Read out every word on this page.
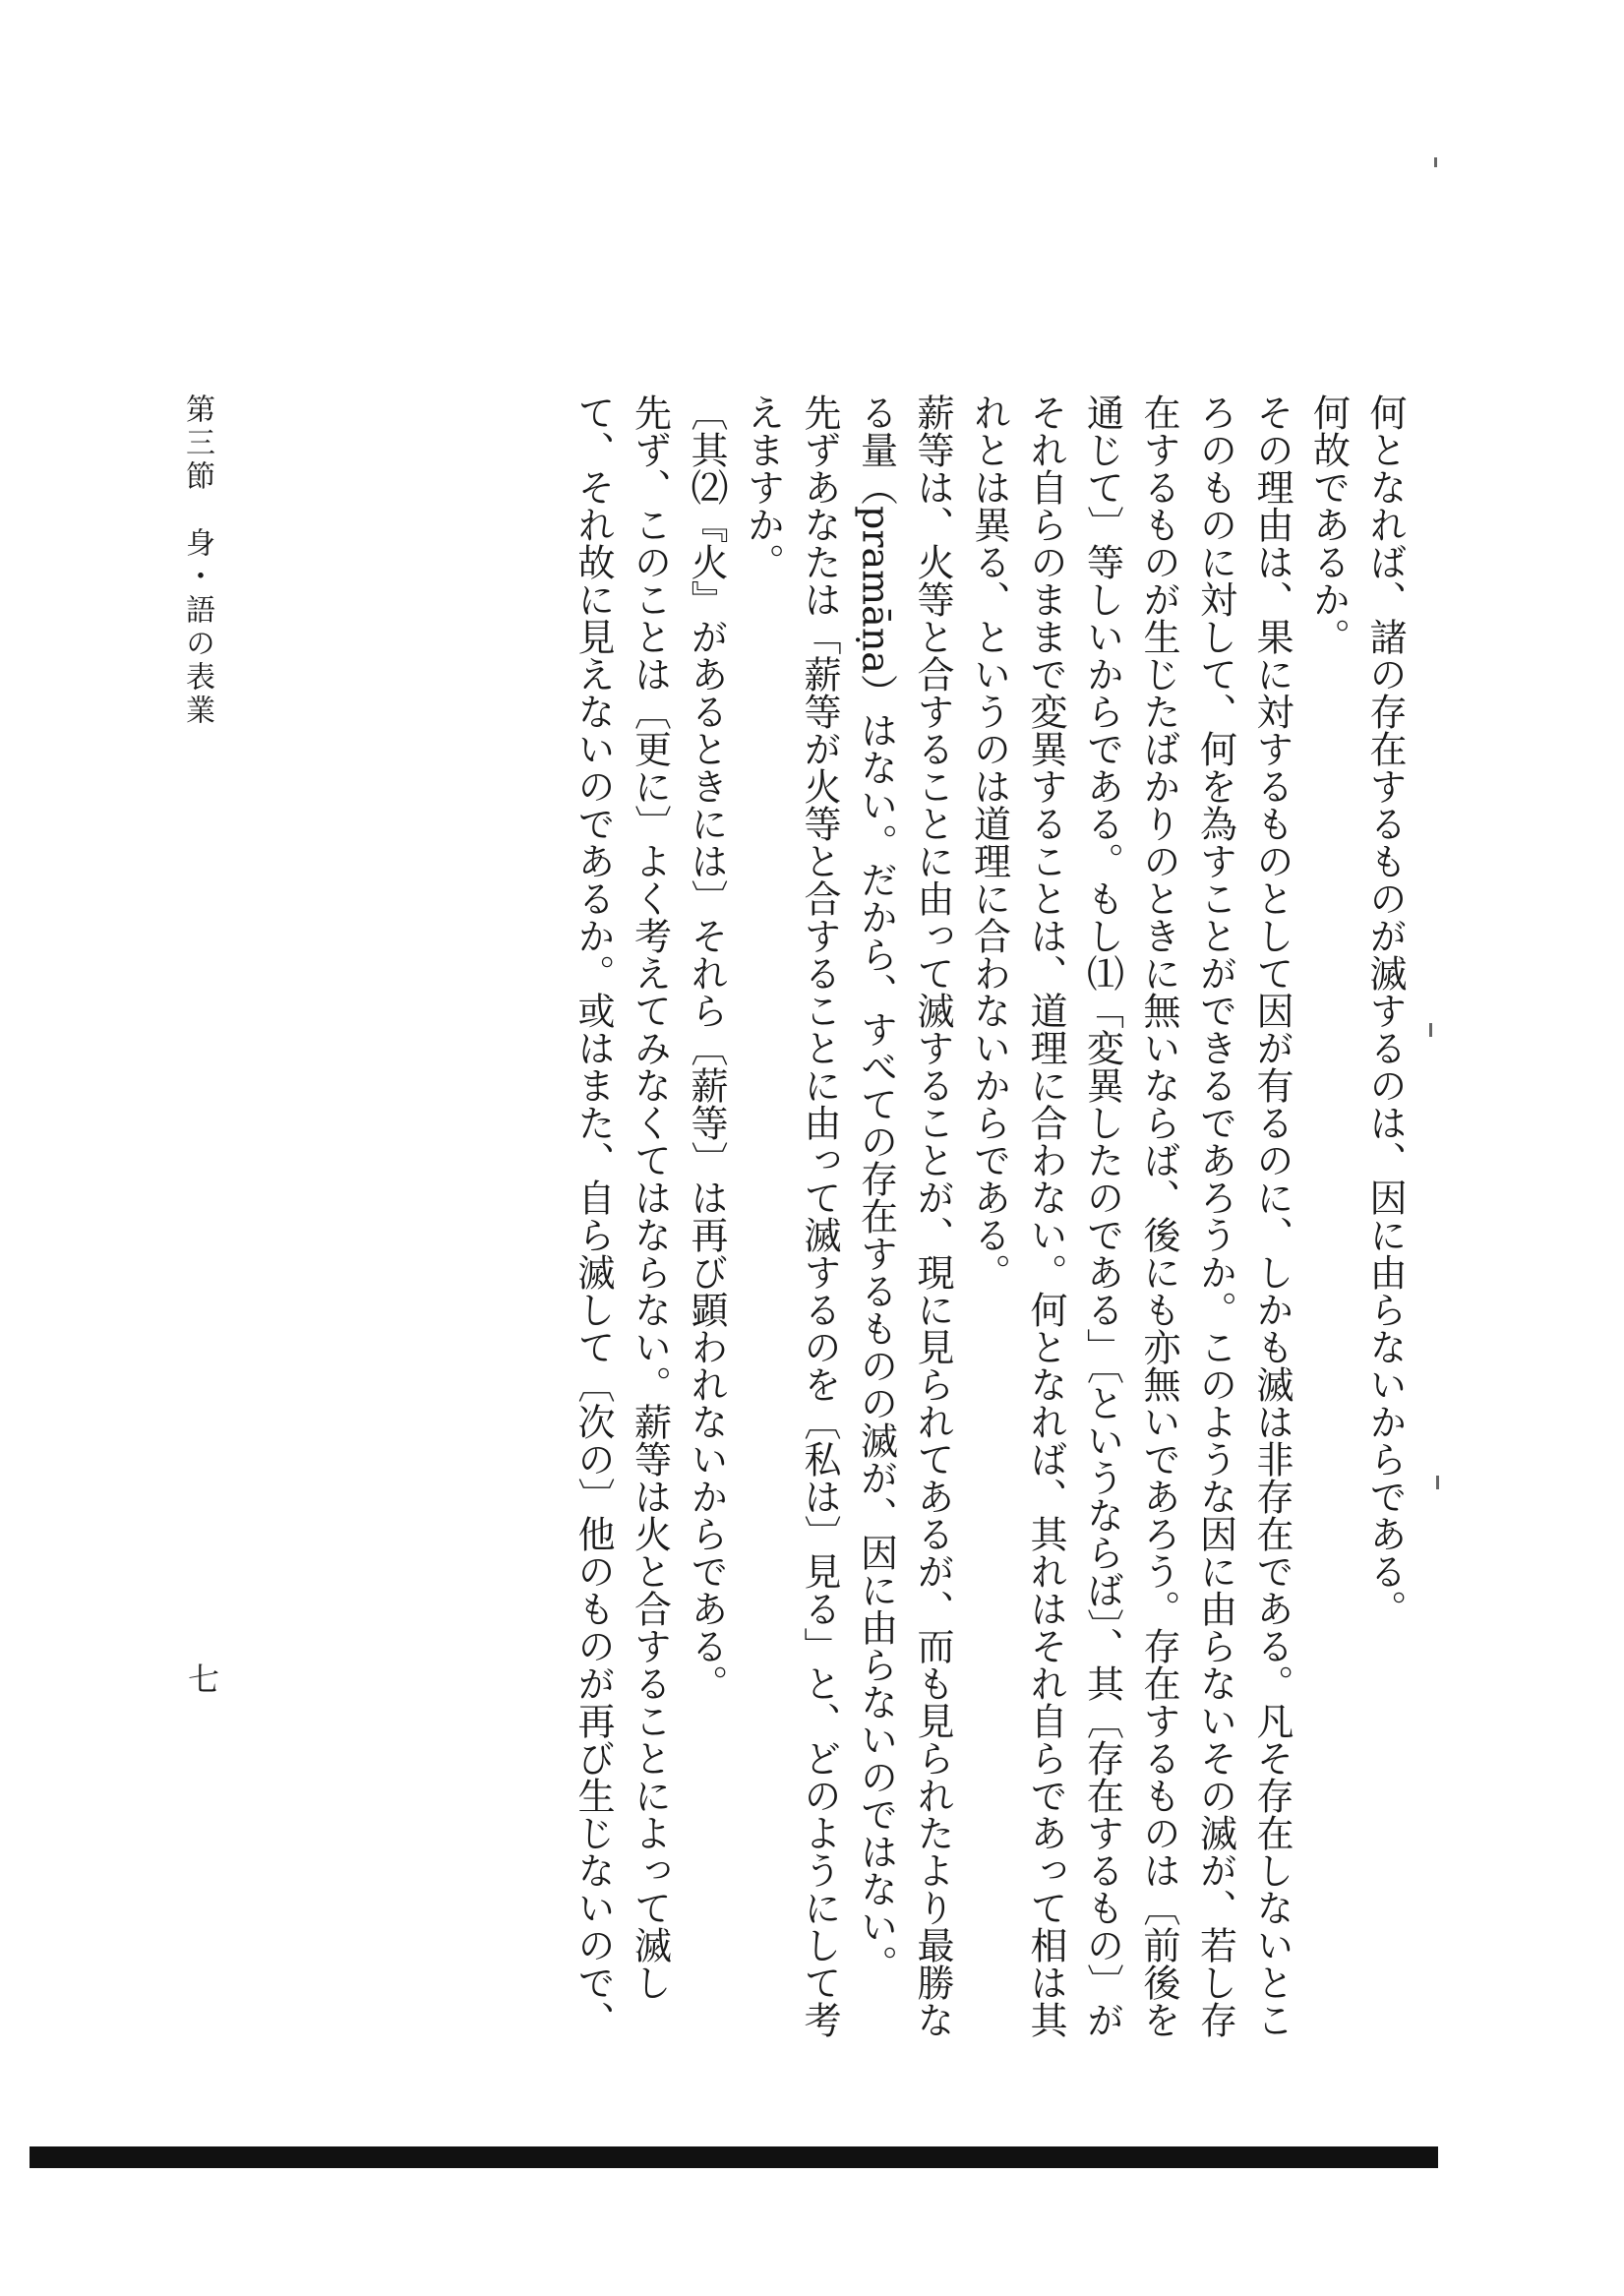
何となれば、諸の存在するものが滅するのは、因に由らないからである。

何故であるか。

その理由は、果に対するものとして因が有るのに、しかも滅は非存在である。凡そ存在しないところのものに対して、何を為すことができるであろうか。このような因に由らないその滅が、若し存在するものが生じたばかりのときに無いならば、後にも亦無いであろう。存在するものは〔前後を通じて〕等しいからである。もし⑴「変異したのである」〔というならば〕、其〔存在するもの〕がそれ自らのままで変異することは、道理に合わない。何となれば、其れはそれ自らであって相は其れとは異る、というのは道理に合わないからである。

薪等は、火等と合することに由って滅することが、現に見られてあるが、而も見られたより最勝なる量（pramāṇa）はない。だから、すべての存在するものの滅が、因に由らないのではない。

先ずあなたは「薪等が火等と合することに由って滅するのを〔私は〕見る」と、どのようにして考えますか。

〔其⑵『火』があるときには〕それら〔薪等〕は再び顕われないからである。

先ず、このことは〔更に〕よく考えてみなくてはならない。薪等は火と合することによって滅して、それ故に見えないのであるか。或はまた、自ら滅して〔次の〕他のものが再び生じないので、

第三節　身・語の表業
七
